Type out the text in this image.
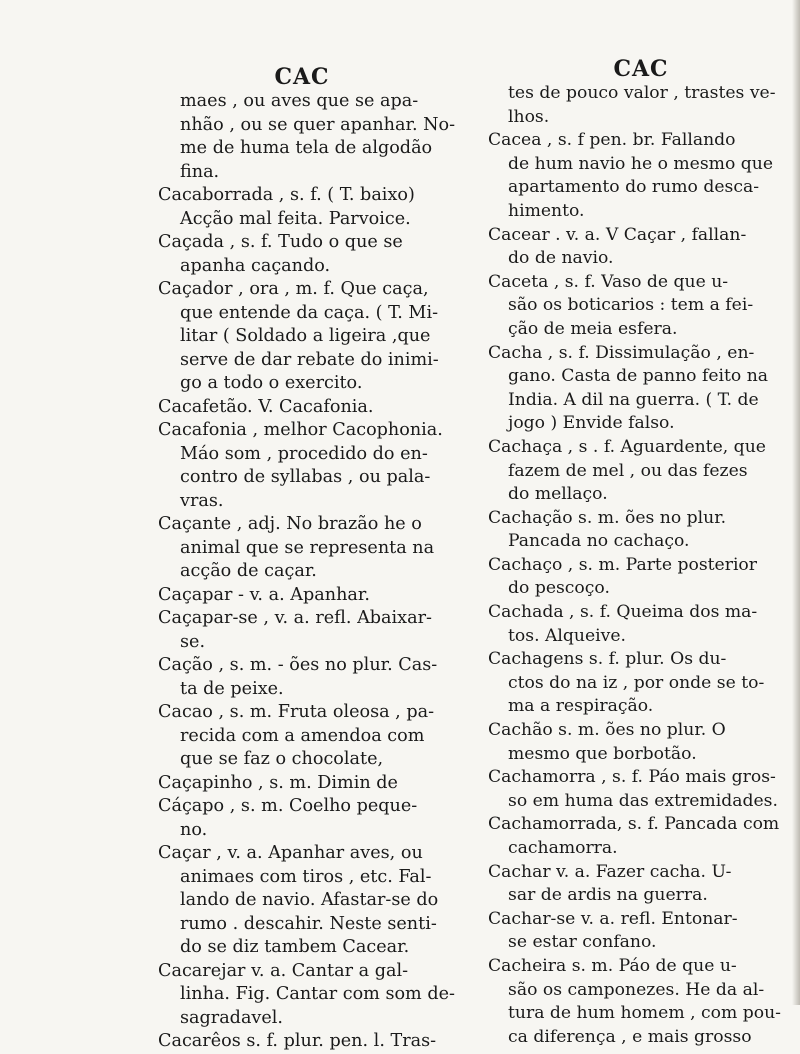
CAC
maes , ou aves que se apa-
nhão , ou se quer apanhar. No-
me de huma tela de algodão
fina.
Cacaborrada , s. f. ( T. baixo)
Acção mal feita. Parvoice.
Caçada , s. f. Tudo o que se
apanha caçando.
Caçador , ora , m. f. Que caça,
que entende da caça. ( T. Mi-
litar ( Soldado a ligeira ,que
serve de dar rebate do inimi-
go a todo o exercito.
Cacafetão. V. Cacafonia.
Cacafonia , melhor Cacophonia.
Máo som , procedido do en-
contro de syllabas , ou pala-
vras.
Caçante , adj. No brazão he o
animal que se representa na
acção de caçar.
Caçapar - v. a. Apanhar.
Caçapar-se , v. a. refl. Abaixar-
se.
Cação , s. m. - ões no plur. Cas-
ta de peixe.
Cacao , s. m. Fruta oleosa , pa-
recida com a amendoa com
que se faz o chocolate,
Caçapinho , s. m. Dimin de
Cáçapo , s. m. Coelho peque-
no.
Caçar , v. a. Apanhar aves, ou
animaes com tiros , etc. Fal-
lando de navio. Afastar-se do
rumo . descahir. Neste senti-
do se diz tambem Cacear.
Cacarejar v. a. Cantar a gal-
linha. Fig. Cantar com som de-
sagradavel.
Cacarêos s. f. plur. pen. l. Tras-
CAC
tes de pouco valor , trastes ve-
lhos.
Cacea , s. f pen. br. Fallando
de hum navio he o mesmo que
apartamento do rumo desca-
himento.
Cacear . v. a. V Caçar , fallan-
do de navio.
Caceta , s. f. Vaso de que u-
são os boticarios : tem a fei-
ção de meia esfera.
Cacha , s. f. Dissimulação , en-
gano. Casta de panno feito na
India. A dil na guerra. ( T. de
jogo ) Envide falso.
Cachaça , s . f. Aguardente, que
fazem de mel , ou das fezes
do mellaço.
Cachação s. m. ões no plur.
Pancada no cachaço.
Cachaço , s. m. Parte posterior
do pescoço.
Cachada , s. f. Queima dos ma-
tos. Alqueive.
Cachagens s. f. plur. Os du-
ctos do na iz , por onde se to-
ma a respiração.
Cachão s. m. ões no plur. O
mesmo que borbotão.
Cachamorra , s. f. Páo mais gros-
so em huma das extremidades.
Cachamorrada, s. f. Pancada com
cachamorra.
Cachar v. a. Fazer cacha. U-
sar de ardis na guerra.
Cachar-se v. a. refl. Entonar-
se estar confano.
Cacheira s. m. Páo de que u-
são os camponezes. He da al-
tura de hum homem , com pou-
ca diferença , e mais grosso
